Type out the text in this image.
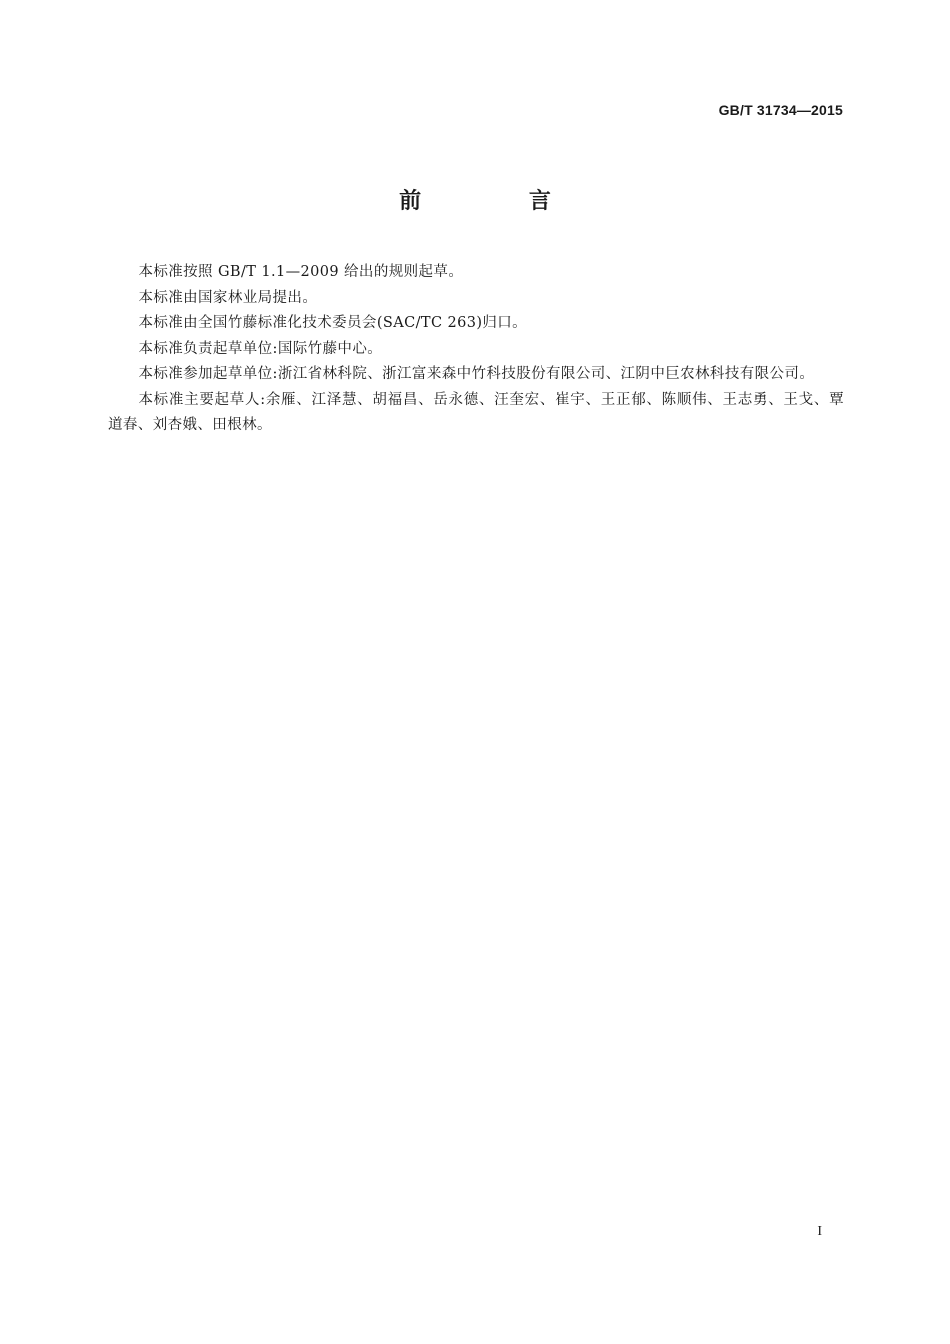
GB/T 31734—2015
前 言

本标准按照 GB/T 1.1—2009 给出的规则起草。

本标准由国家林业局提出。

本标准由全国竹藤标准化技术委员会(SAC/TC 263)归口。

本标准负责起草单位:国际竹藤中心。

本标准参加起草单位:浙江省林科院、浙江富来森中竹科技股份有限公司、江阴中巨农林科技有限公司。

本标准主要起草人:余雁、江泽慧、胡福昌、岳永德、汪奎宏、崔宇、王正郁、陈顺伟、王志勇、王戈、覃道春、刘杏娥、田根林。

I
